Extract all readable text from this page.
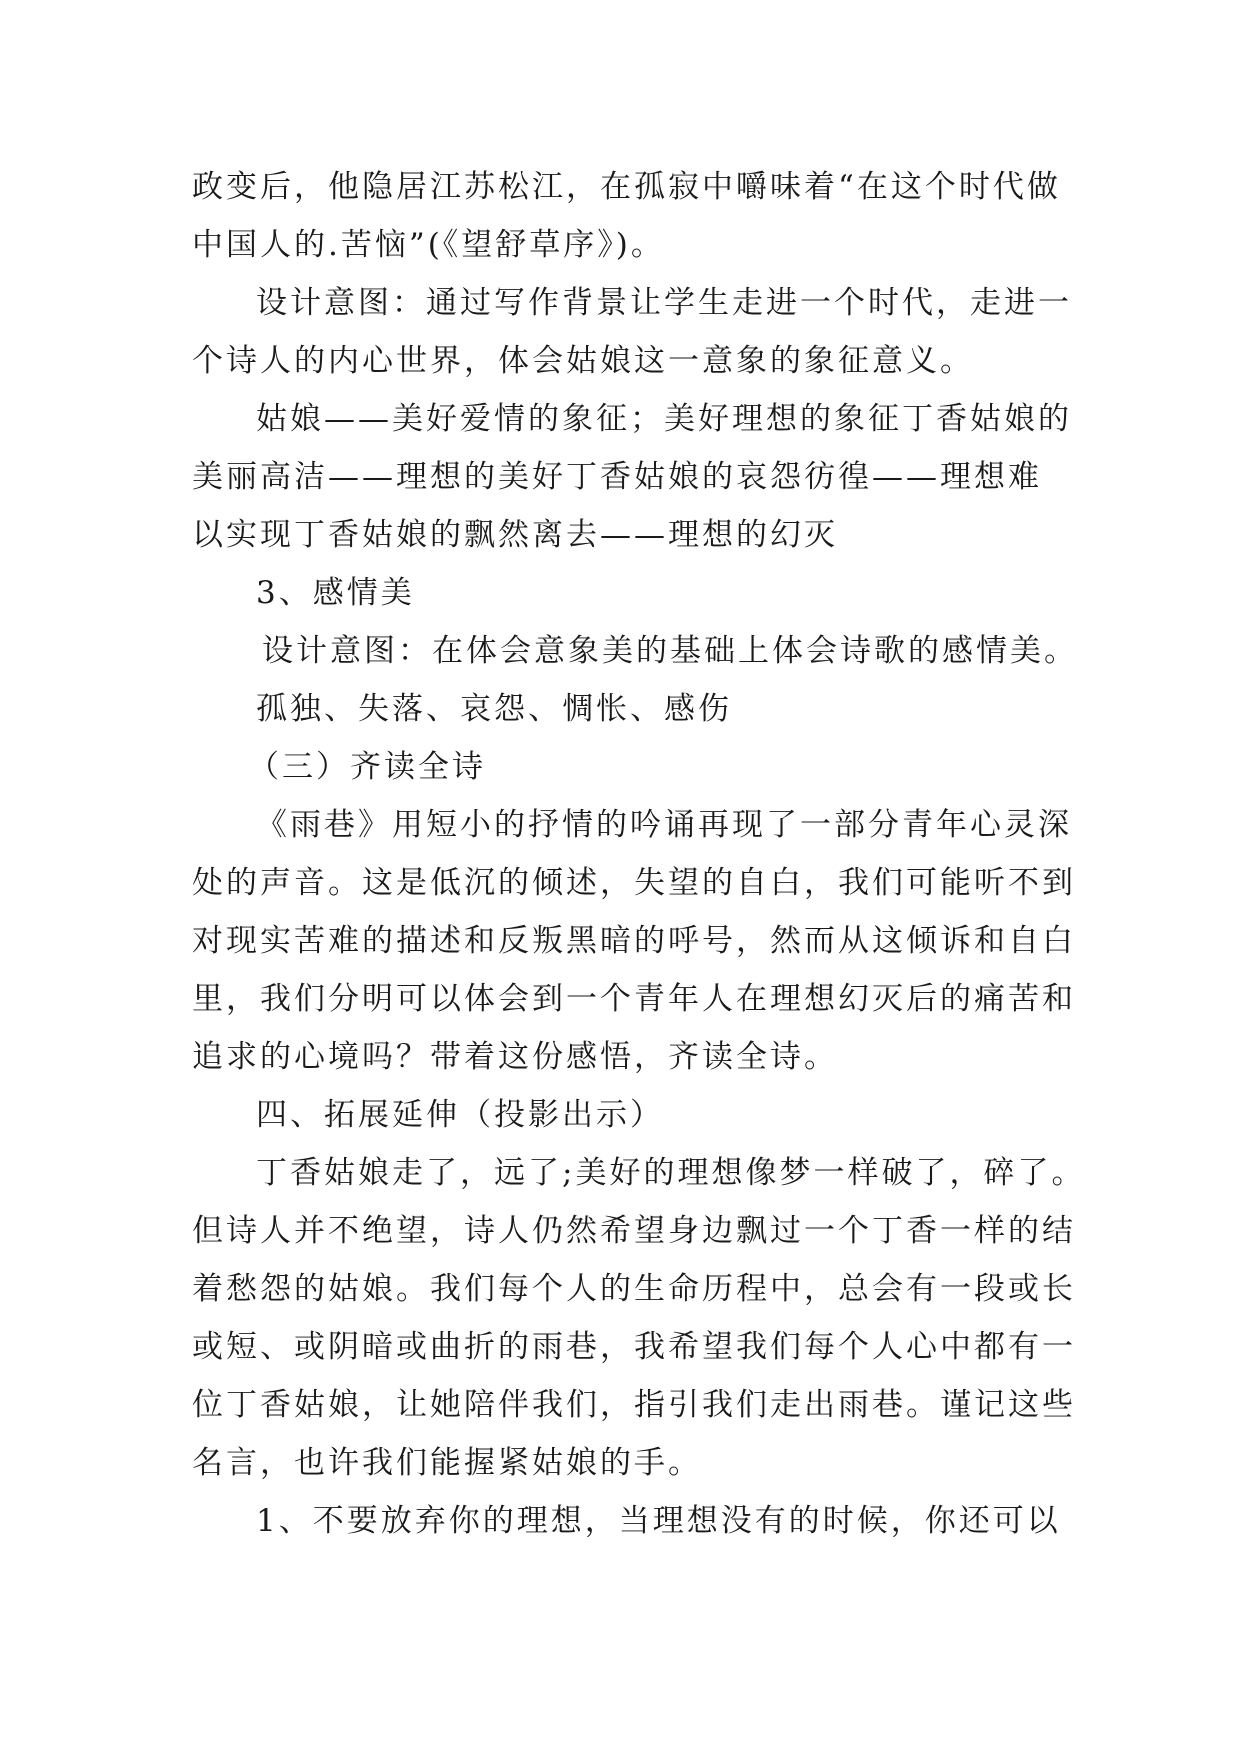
政变后，他隐居江苏松江，在孤寂中嚼味着“在这个时代做
中国人的.苦恼”(《望舒草序》)。
设计意图：通过写作背景让学生走进一个时代，走进一
个诗人的内心世界，体会姑娘这一意象的象征意义。
姑娘——美好爱情的象征；美好理想的象征丁香姑娘的
美丽高洁——理想的美好丁香姑娘的哀怨彷徨——理想难
以实现丁香姑娘的飘然离去——理想的幻灭
3、感情美
设计意图：在体会意象美的基础上体会诗歌的感情美。
孤独、失落、哀怨、惆怅、感伤
（三）齐读全诗
《雨巷》用短小的抒情的吟诵再现了一部分青年心灵深
处的声音。这是低沉的倾述，失望的自白，我们可能听不到
对现实苦难的描述和反叛黑暗的呼号，然而从这倾诉和自白
里，我们分明可以体会到一个青年人在理想幻灭后的痛苦和
追求的心境吗？带着这份感悟，齐读全诗。
四、拓展延伸（投影出示）
丁香姑娘走了，远了;美好的理想像梦一样破了，碎了。
但诗人并不绝望，诗人仍然希望身边飘过一个丁香一样的结
着愁怨的姑娘。我们每个人的生命历程中，总会有一段或长
或短、或阴暗或曲折的雨巷，我希望我们每个人心中都有一
位丁香姑娘，让她陪伴我们，指引我们走出雨巷。谨记这些
名言，也许我们能握紧姑娘的手。
1、不要放弃你的理想，当理想没有的时候，你还可以
